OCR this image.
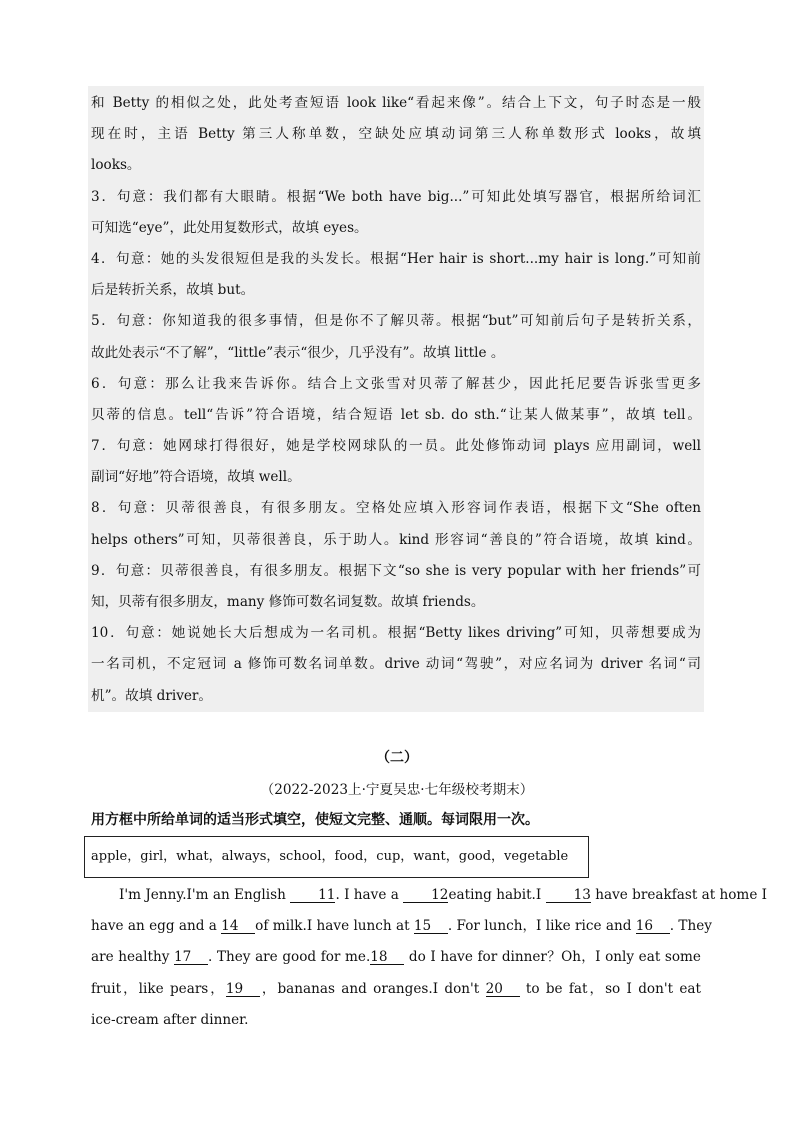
和 Betty 的相似之处，此处考查短语 look like“看起来像”。结合上下文，句子时态是一般
现在时，主语 Betty 第三人称单数，空缺处应填动词第三人称单数形式 looks，故填
looks。
3．句意：我们都有大眼睛。根据“We both have big...”可知此处填写器官，根据所给词汇
可知选“eye”，此处用复数形式，故填 eyes。
4．句意：她的头发很短但是我的头发长。根据“Her hair is short...my hair is long.”可知前
后是转折关系，故填 but。
5．句意：你知道我的很多事情，但是你不了解贝蒂。根据“but”可知前后句子是转折关系，
故此处表示“不了解”，“little”表示“很少，几乎没有”。故填 little 。
6．句意：那么让我来告诉你。结合上文张雪对贝蒂了解甚少，因此托尼要告诉张雪更多
贝蒂的信息。tell“告诉”符合语境，结合短语 let sb. do sth.“让某人做某事”，故填 tell。
7．句意：她网球打得很好，她是学校网球队的一员。此处修饰动词 plays 应用副词，well
副词“好地”符合语境，故填 well。
8．句意：贝蒂很善良，有很多朋友。空格处应填入形容词作表语，根据下文“She often
helps others”可知，贝蒂很善良，乐于助人。kind 形容词“善良的”符合语境，故填 kind。
9．句意：贝蒂很善良，有很多朋友。根据下文“so she is very popular with her friends”可
知，贝蒂有很多朋友，many 修饰可数名词复数。故填 friends。
10．句意：她说她长大后想成为一名司机。根据“Betty likes driving”可知，贝蒂想要成为
一名司机，不定冠词 a 修饰可数名词单数。drive 动词“驾驶”，对应名词为 driver 名词“司
机”。故填 driver。
（二）
（2022-2023上·宁夏吴忠·七年级校考期末）
用方框中所给单词的适当形式填空，使短文完整、通顺。每词限用一次。
apple，girl，what，always，school，food，cup，want，good，vegetable
I'm Jenny.I'm an English 11. I have a 12eating habit.I 13 have breakfast at home I
have an egg and a 14 of milk.I have lunch at 15 . For lunch，I like rice and 16 . They
are healthy 17 . They are good for me.18 do I have for dinner？Oh，I only eat some
fruit，like pears，19 ，bananas and oranges.I don't 20 to be fat，so I don't eat
ice-cream after dinner.
